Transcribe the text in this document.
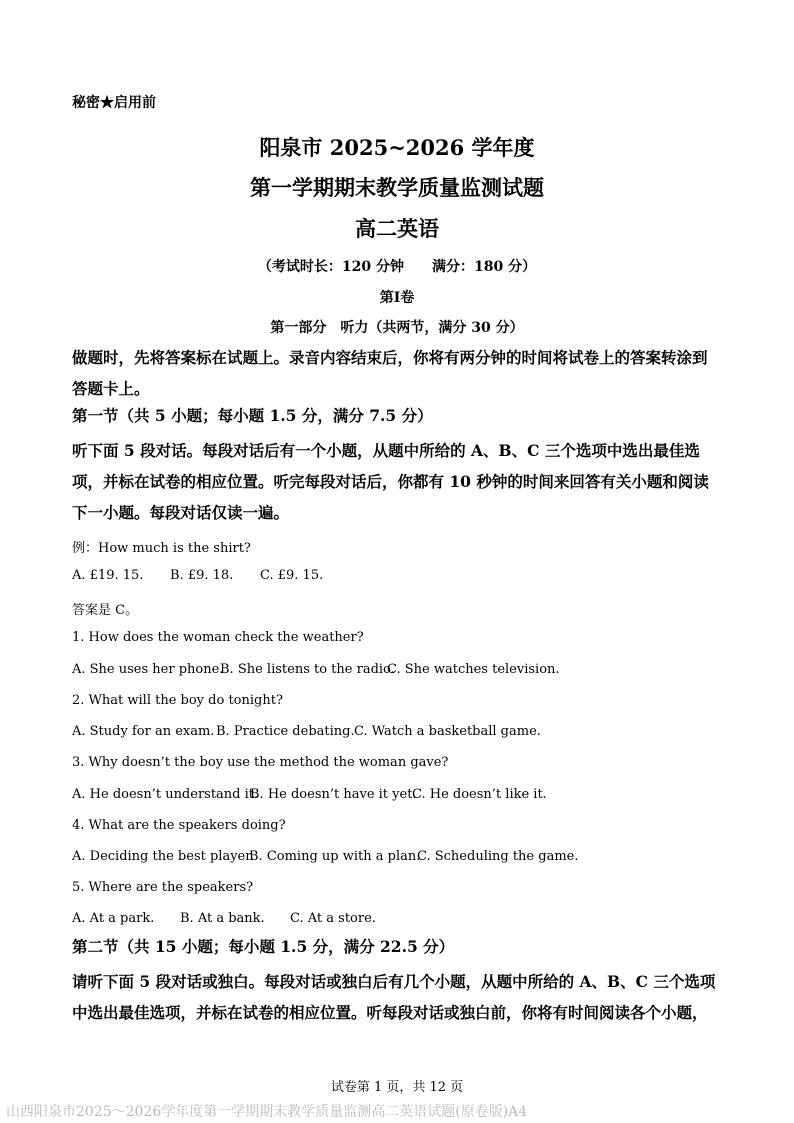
秘密★启用前
阳泉市 2025~2026 学年度
第一学期期末教学质量监测试题
高二英语
（考试时长：120 分钟　　满分：180 分）
第Ⅰ卷
第一部分　听力（共两节，满分 30 分）
做题时，先将答案标在试题上。录音内容结束后，你将有两分钟的时间将试卷上的答案转涂到答题卡上。
第一节（共 5 小题；每小题 1.5 分，满分 7.5 分）
听下面 5 段对话。每段对话后有一个小题，从题中所给的 A、B、C 三个选项中选出最佳选项，并标在试卷的相应位置。听完每段对话后，你都有 10 秒钟的时间来回答有关小题和阅读下一小题。每段对话仅读一遍。
例：How much is the shirt?
A. £19. 15. B. £9. 18. C. £9. 15.
答案是 C。
1. How does the woman check the weather?
A. She uses her phone.
B. She listens to the radio.
C. She watches television.
2. What will the boy do tonight?
A. Study for an exam. B. Practice debating. C. Watch a basketball game.
3. Why doesn’t the boy use the method the woman gave?
A. He doesn’t understand it.
B. He doesn’t have it yet.
C. He doesn’t like it.
4. What are the speakers doing?
A. Deciding the best player.
B. Coming up with a plan.
C. Scheduling the game.
5. Where are the speakers?
A. At a park. B. At a bank. C. At a store.
第二节（共 15 小题；每小题 1.5 分，满分 22.5 分）
请听下面 5 段对话或独白。每段对话或独白后有几个小题，从题中所给的 A、B、C 三个选项中选出最佳选项，并标在试卷的相应位置。听每段对话或独白前，你将有时间阅读各个小题，
试卷第 1 页，共 12 页
山西阳泉市2025～2026学年度第一学期期末教学质量监测高二英语试题(原卷版)A4
